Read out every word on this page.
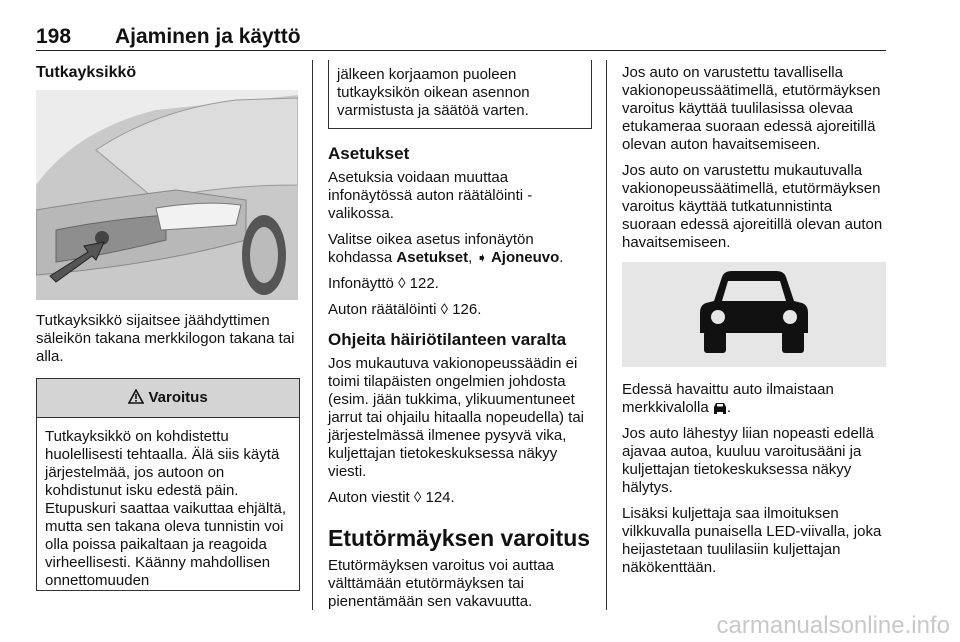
198 Ajaminen ja käyttö
Tutkayksikkö

Tutkayksikkö sijaitsee jäähdyttimen säleikön takana merkkilogon takana tai alla.

Varoitus
Tutkayksikkö on kohdistettu huolellisesti tehtaalla. Älä siis käytä järjestelmää, jos autoon on kohdistunut isku edestä päin. Etupuskuri saattaa vaikuttaa ehjältä, mutta sen takana oleva tunnistin voi olla poissa paikaltaan ja reagoida virheellisesti. Käänny mahdollisen onnettomuuden
jälkeen korjaamon puoleen tutkayksikön oikean asennon varmistusta ja säätöä varten.
Asetukset

Asetuksia voidaan muuttaa infonäytössä auton räätälöinti -valikossa.

Valitse oikea asetus infonäytön kohdassa Asetukset, ➧ Ajoneuvo.

Infonäyttö ◊ 122.

Auton räätälöinti ◊ 126.

Ohjeita häiriötilanteen varalta

Jos mukautuva vakionopeussäädin ei toimi tilapäisten ongelmien johdosta (esim. jään tukkima, ylikuumentuneet jarrut tai ohjailu hitaalla nopeudella) tai järjestelmässä ilmenee pysyvä vika, kuljettajan tietokeskuksessa näkyy viesti.

Auton viestit ◊ 124.

Etutörmäyksen varoitus

Etutörmäyksen varoitus voi auttaa välttämään etutörmäyksen tai pienentämään sen vakavuutta.

Jos auto on varustettu tavallisella vakionopeussäätimellä, etutörmäyksen varoitus käyttää tuulilasissa olevaa etukameraa suoraan edessä ajoreitillä olevan auton havaitsemiseen.

Jos auto on varustettu mukautuvalla vakionopeussäätimellä, etutörmäyksen varoitus käyttää tutkatunnistinta suoraan edessä ajoreitillä olevan auton havaitsemiseen.

Edessä havaittu auto ilmaistaan merkkivalolla .

Jos auto lähestyy liian nopeasti edellä ajavaa autoa, kuuluu varoitusääni ja kuljettajan tietokeskuksessa näkyy hälytys.

Lisäksi kuljettaja saa ilmoituksen vilkkuvalla punaisella LED-viivalla, joka heijastetaan tuulilasiin kuljettajan näkökenttään.

carmanualsonline.info
